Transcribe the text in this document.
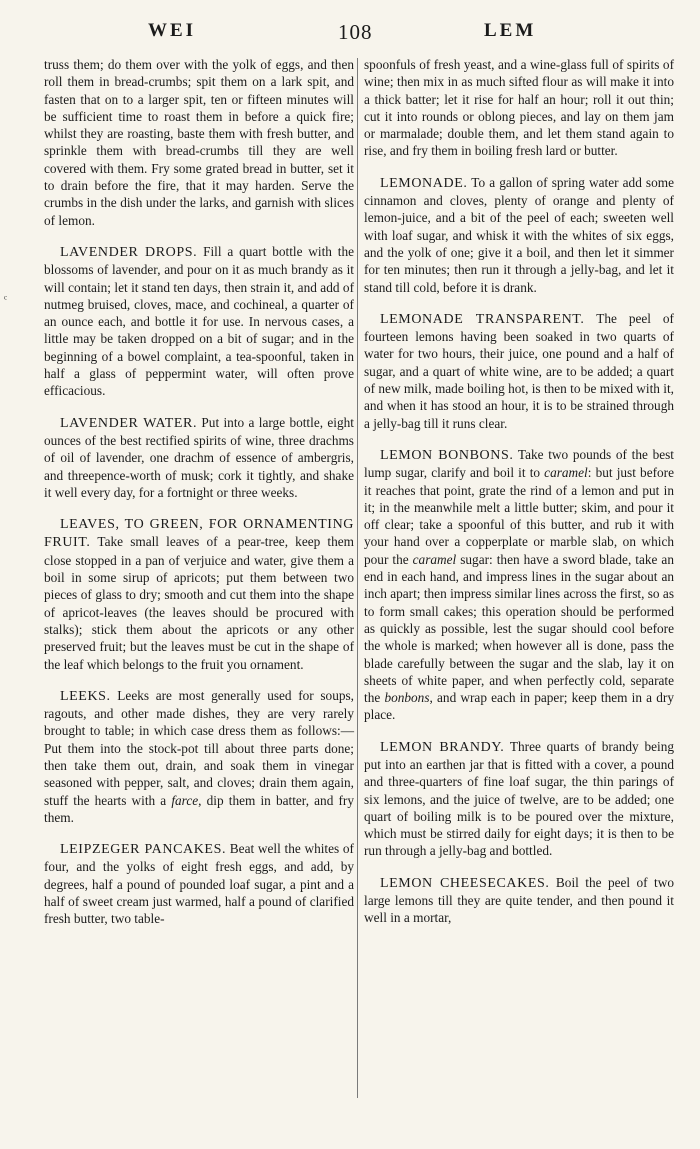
WEI	108	LEM
ᶜ

truss them; do them over with the yolk of eggs, and then roll them in bread-crumbs; spit them on a lark spit, and fasten that on to a larger spit, ten or fifteen minutes will be sufficient time to roast them in before a quick fire; whilst they are roasting, baste them with fresh butter, and sprinkle them with bread-crumbs till they are well covered with them. Fry some grated bread in butter, set it to drain before the fire, that it may harden. Serve the crumbs in the dish under the larks, and garnish with slices of lemon.

LAVENDER DROPS. Fill a quart bottle with the blossoms of lavender, and pour on it as much brandy as it will contain; let it stand ten days, then strain it, and add of nutmeg bruised, cloves, mace, and cochineal, a quarter of an ounce each, and bottle it for use. In nervous cases, a little may be taken dropped on a bit of sugar; and in the beginning of a bowel complaint, a tea-spoonful, taken in half a glass of peppermint water, will often prove efficacious.

LAVENDER WATER. Put into a large bottle, eight ounces of the best rectified spirits of wine, three drachms of oil of lavender, one drachm of essence of ambergris, and threepence-worth of musk; cork it tightly, and shake it well every day, for a fortnight or three weeks.

LEAVES, TO GREEN, FOR ORNAMENTING FRUIT. Take small leaves of a pear-tree, keep them close stopped in a pan of verjuice and water, give them a boil in some sirup of apricots; put them between two pieces of glass to dry; smooth and cut them into the shape of apricot-leaves (the leaves should be procured with stalks); stick them about the apricots or any other preserved fruit; but the leaves must be cut in the shape of the leaf which belongs to the fruit you ornament.

LEEKS. Leeks are most generally used for soups, ragouts, and other made dishes, they are very rarely brought to table; in which case dress them as follows:—Put them into the stock-pot till about three parts done; then take them out, drain, and soak them in vinegar seasoned with pepper, salt, and cloves; drain them again, stuff the hearts with a farce, dip them in batter, and fry them.

LEIPZEGER PANCAKES. Beat well the whites of four, and the yolks of eight fresh eggs, and add, by degrees, half a pound of pounded loaf sugar, a pint and a half of sweet cream just warmed, half a pound of clarified fresh butter, two table-

spoonfuls of fresh yeast, and a wine-glass full of spirits of wine; then mix in as much sifted flour as will make it into a thick batter; let it rise for half an hour; roll it out thin; cut it into rounds or oblong pieces, and lay on them jam or marmalade; double them, and let them stand again to rise, and fry them in boiling fresh lard or butter.

LEMONADE. To a gallon of spring water add some cinnamon and cloves, plenty of orange and plenty of lemon-juice, and a bit of the peel of each; sweeten well with loaf sugar, and whisk it with the whites of six eggs, and the yolk of one; give it a boil, and then let it simmer for ten minutes; then run it through a jelly-bag, and let it stand till cold, before it is drank.

LEMONADE TRANSPARENT. The peel of fourteen lemons having been soaked in two quarts of water for two hours, their juice, one pound and a half of sugar, and a quart of white wine, are to be added; a quart of new milk, made boiling hot, is then to be mixed with it, and when it has stood an hour, it is to be strained through a jelly-bag till it runs clear.

LEMON BONBONS. Take two pounds of the best lump sugar, clarify and boil it to caramel: but just before it reaches that point, grate the rind of a lemon and put in it; in the meanwhile melt a little butter; skim, and pour it off clear; take a spoonful of this butter, and rub it with your hand over a copperplate or marble slab, on which pour the caramel sugar: then have a sword blade, take an end in each hand, and impress lines in the sugar about an inch apart; then impress similar lines across the first, so as to form small cakes; this operation should be performed as quickly as possible, lest the sugar should cool before the whole is marked; when however all is done, pass the blade carefully between the sugar and the slab, lay it on sheets of white paper, and when perfectly cold, separate the bonbons, and wrap each in paper; keep them in a dry place.

LEMON BRANDY. Three quarts of brandy being put into an earthen jar that is fitted with a cover, a pound and three-quarters of fine loaf sugar, the thin parings of six lemons, and the juice of twelve, are to be added; one quart of boiling milk is to be poured over the mixture, which must be stirred daily for eight days; it is then to be run through a jelly-bag and bottled.

LEMON CHEESECAKES. Boil the peel of two large lemons till they are quite tender, and then pound it well in a mortar,
